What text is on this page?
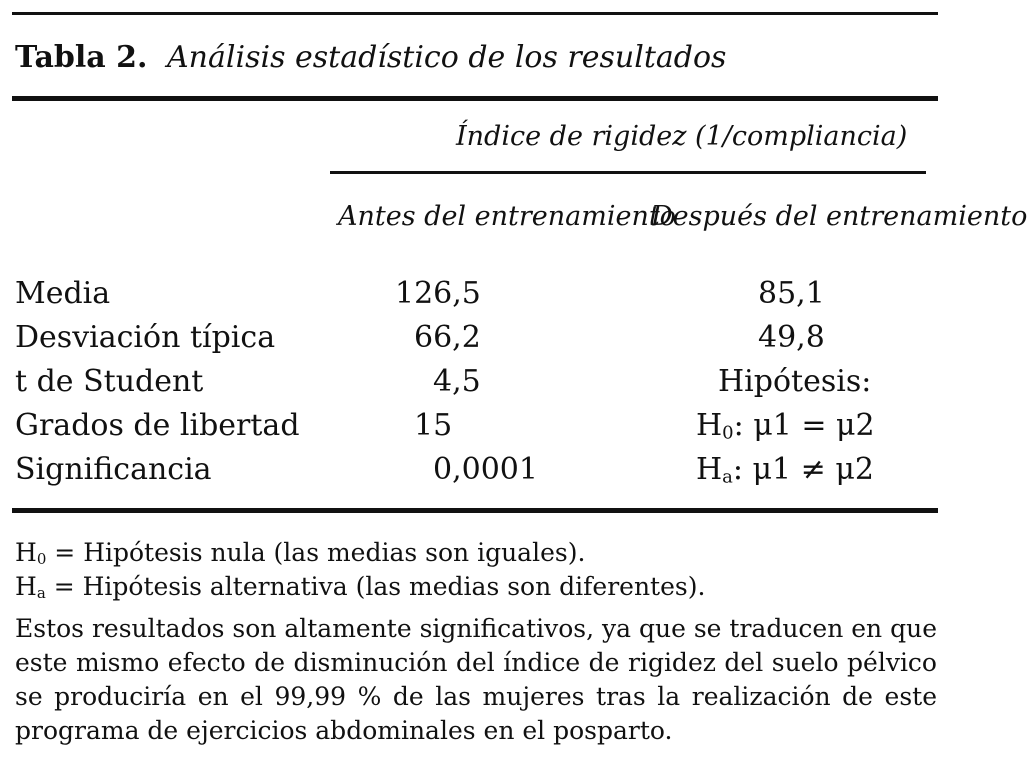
Tabla 2. Análisis estadístico de los resultados
Índice de rigidez (1/compliancia)
Antes del entrenamiento
Después del entrenamiento
Media	126,5	85,1
Desviación típica	66,2	49,8
t de Student	4,5	Hipótesis:
Grados de libertad	15	$H_0$: μ1 = μ2
Significancia	0,0001	$H_a$: μ1 ≠ μ2
$H_0$ = Hipótesis nula (las medias son iguales).
$H_a$ = Hipótesis alternativa (las medias son diferentes).
Estos resultados son altamente significativos, ya que se traducen en que este mismo efecto de disminución del índice de rigidez del suelo pélvico se produciría en el 99,99 % de las mujeres tras la realización de este programa de ejercicios abdominales en el posparto.
